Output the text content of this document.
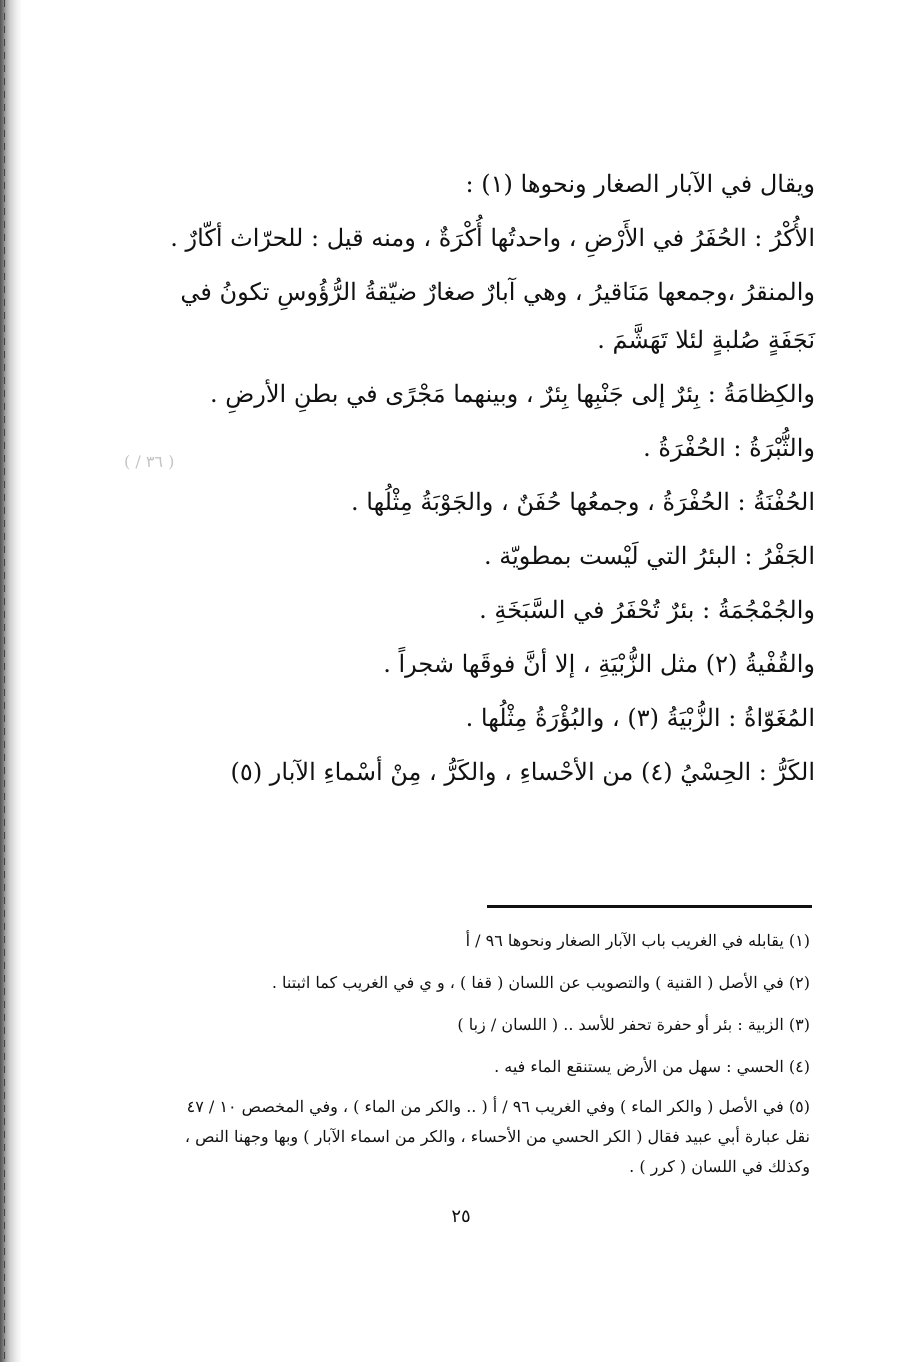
( / ٣٦ )

ويقال في الآبار الصغار ونحوها (١) :

الأُكْرُ : الحُفَرُ في الأَرْضِ ، واحدتُها أُكْرَةٌ ، ومنه قيل : للحرّاث أكّارٌ .

والمنقرُ ،وجمعها مَنَاقيرُ ، وهي آبارٌ صغارٌ ضيّقةُ الرُّؤُوسِ تكونُ في نَجَفَةٍ صُلبةٍ لئلا تَهَشَّمَ .

والكِظامَةُ : بِئرٌ إلى جَنْبِها بِئرٌ ، وبينهما مَجْرًى في بطنِ الأرضِ .

والثُّبْرَةُ : الحُفْرَةُ .

الحُفْنَةُ : الحُفْرَةُ ، وجمعُها حُفَنٌ ، والجَوْبَةُ مِثْلُها .

الجَفْرُ : البئرُ التي لَيْست بمطويّة .

والجُمْجُمَةُ : بئرٌ تُحْفَرُ في السَّبَخَةِ .

والقُفْيةُ (٢) مثل الزُّبْيَةِ ، إلا أنَّ فوقَها شجراً .

المُغَوّاةُ : الزُّبْيَةُ (٣) ، والبُؤْرَةُ مِثْلُها .

الكَرُّ : الحِسْيُ (٤) من الأحْساءِ ، والكَرُّ ، مِنْ أسْماءِ الآبار (٥)

(١) يقابله في الغريب باب الآبار الصغار ونحوها ٩٦ / أ

(٢) في الأصل ( القنية ) والتصويب عن اللسان ( قفا ) ، و ي في الغريب كما اثبتنا .

(٣) الزبية : بئر أو حفرة تحفر للأسد .. ( اللسان / زبا )

(٤) الحسي : سهل من الأرض يستنقع الماء فيه .

(٥) في الأصل ( والكر الماء ) وفي الغريب ٩٦ / أ ( .. والكر من الماء ) ، وفي المخصص ١٠ / ٤٧ نقل عبارة أبي عبيد فقال ( الكر الحسي من الأحساء ، والكر من اسماء الآبار ) وبها وجهنا النص ، وكذلك في اللسان ( كرر ) .

٢٥
